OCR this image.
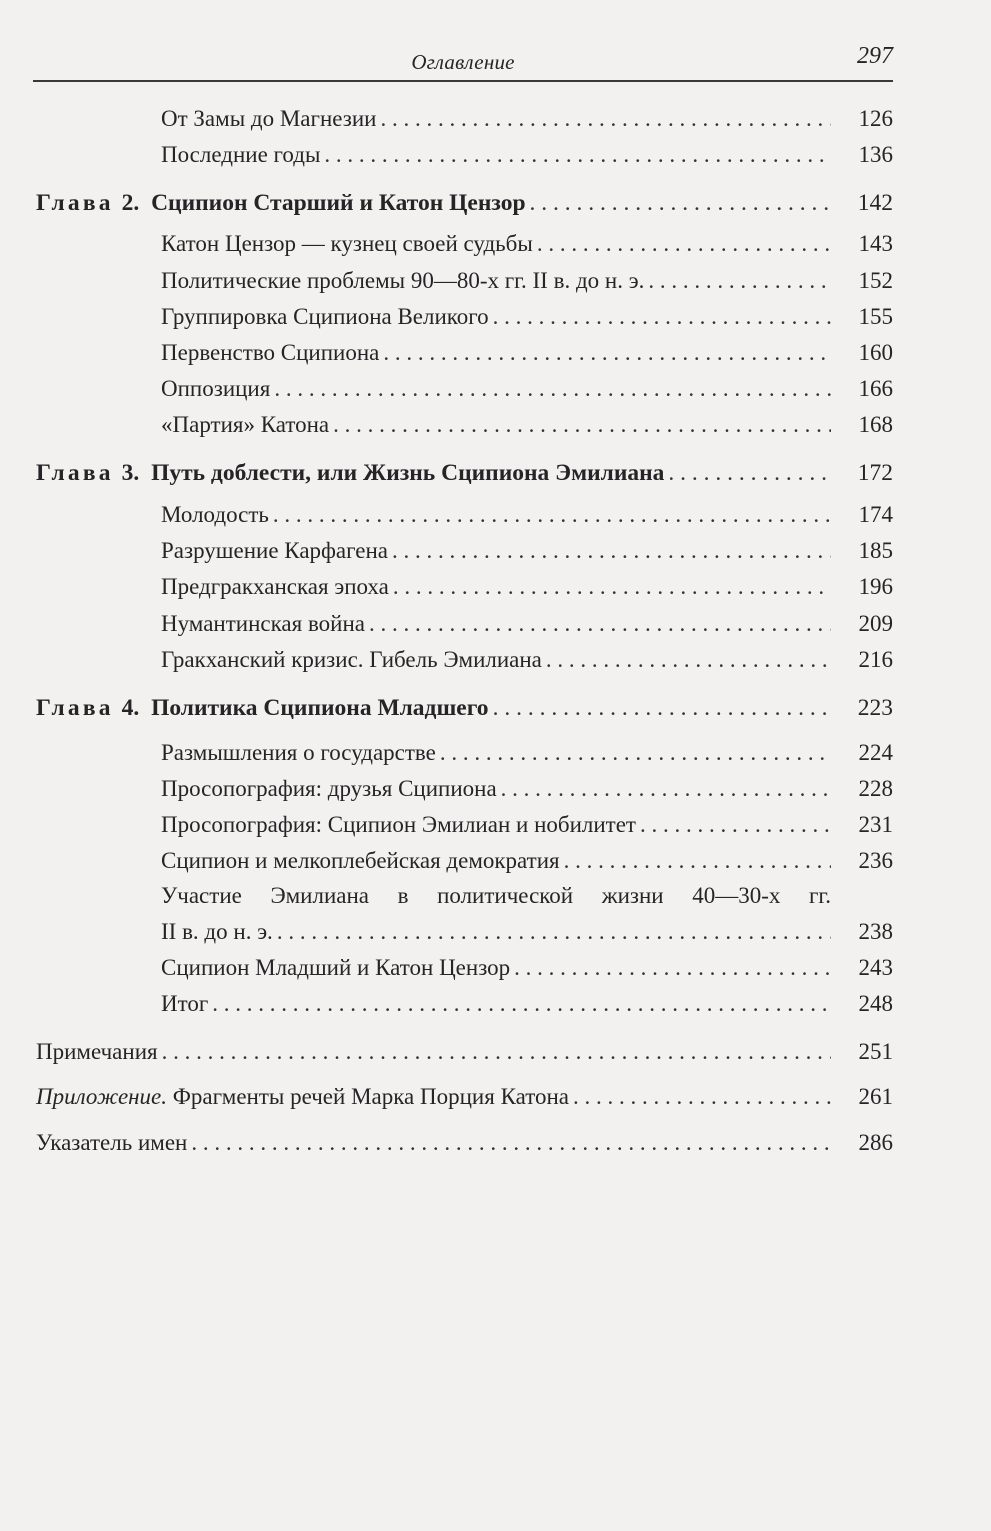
Оглавление	297
От Замы до Магнезии . . .	126
Последние годы . . .	136
Глава 2. Сципион Старший и Катон Цензор . . .	142
Катон Цензор — кузнец своей судьбы . . .	143
Политические проблемы 90—80-х гг. II в. до н. э. . . .	152
Группировка Сципиона Великого . . .	155
Первенство Сципиона . . .	160
Оппозиция . . .	166
«Партия» Катона . . .	168
Глава 3. Путь доблести, или Жизнь Сципиона Эмилиана . . .	172
Молодость . . .	174
Разрушение Карфагена . . .	185
Предгракханская эпоха . . .	196
Нумантинская война . . .	209
Гракханский кризис. Гибель Эмилиана . . .	216
Глава 4. Политика Сципиона Младшего . . .	223
Размышления о государстве . . .	224
Просопография: друзья Сципиона . . .	228
Просопография: Сципион Эмилиан и нобилитет . . .	231
Сципион и мелкоплебейская демократия . . .	236
Участие Эмилиана в политической жизни 40—30-х гг.
II в. до н. э. . . .	238
Сципион Младший и Катон Цензор . . .	243
Итог . . .	248
Примечания . . .	251
Приложение. Фрагменты речей Марка Порция Катона . . .	261
Указатель имен . . .	286
